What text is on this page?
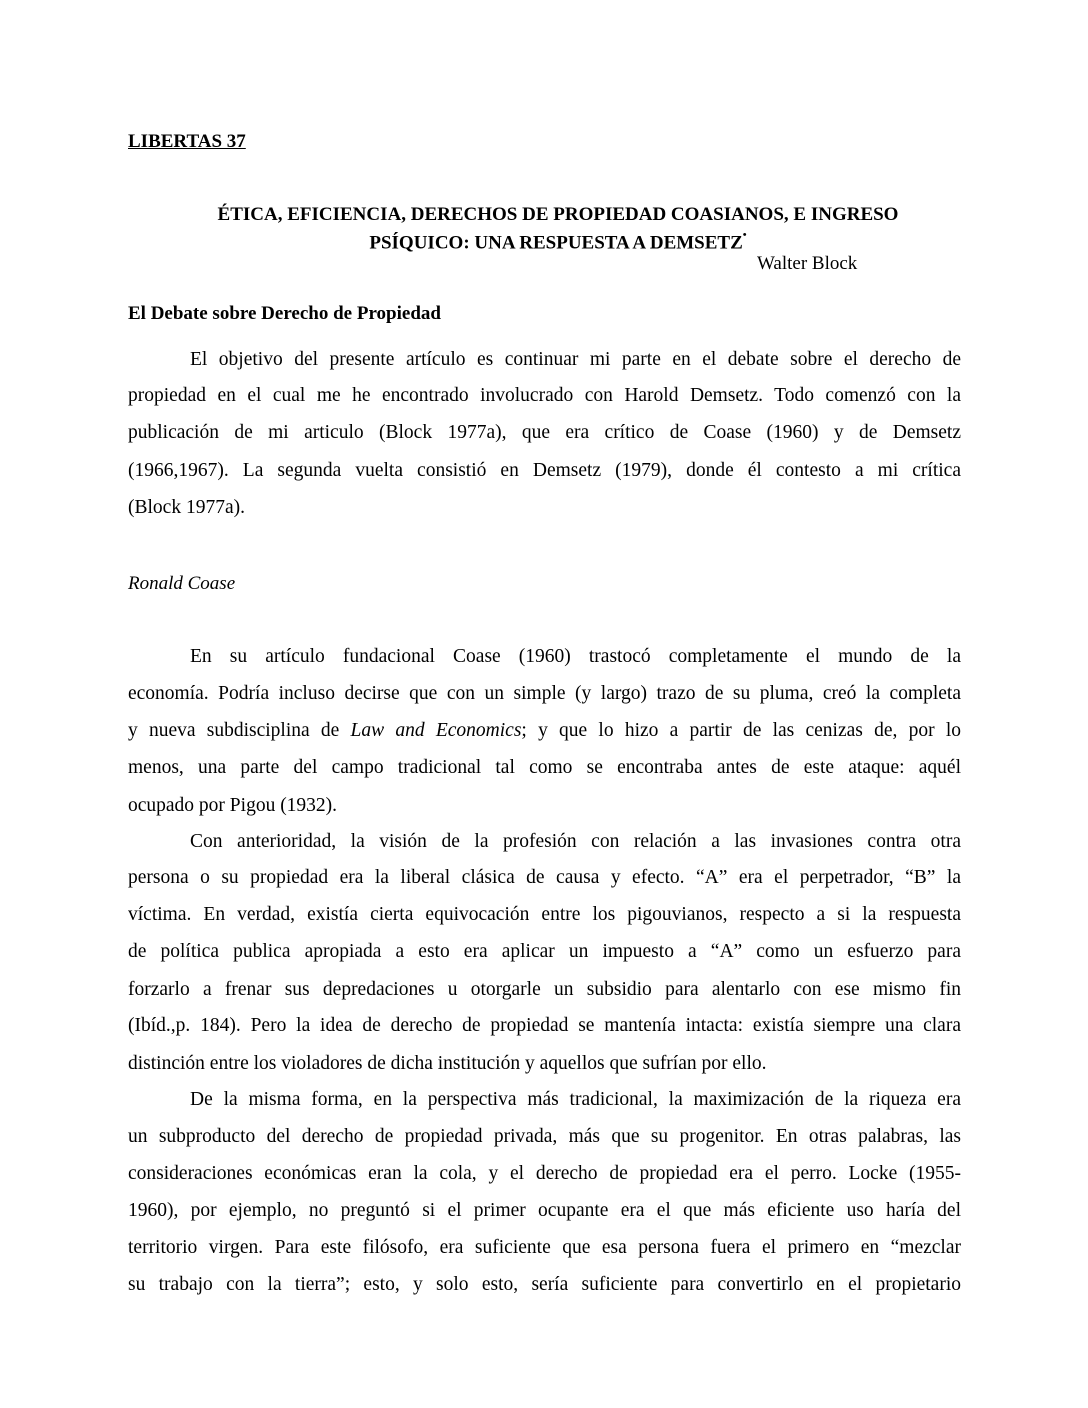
LIBERTAS 37
ÉTICA, EFICIENCIA, DERECHOS DE PROPIEDAD COASIANOS, E INGRESO
PSÍQUICO: UNA RESPUESTA A DEMSETZ•
Walter Block
El Debate sobre Derecho de Propiedad
El objetivo del presente artículo es continuar mi parte en el debate sobre el derecho de
propiedad en el cual me he encontrado involucrado con Harold Demsetz. Todo comenzó con la
publicación de mi articulo (Block 1977a), que era crítico de Coase (1960) y de Demsetz
(1966,1967). La segunda vuelta consistió en Demsetz (1979), donde él contesto a mi crítica
(Block 1977a).
Ronald Coase
En su artículo fundacional Coase (1960) trastocó completamente el mundo de la
economía. Podría incluso decirse que con un simple (y largo) trazo de su pluma, creó la completa
y nueva subdisciplina de Law and Economics; y que lo hizo a partir de las cenizas de, por lo
menos, una parte del campo tradicional tal como se encontraba antes de este ataque: aquél
ocupado por Pigou (1932).
Con anterioridad, la visión de la profesión con relación a las invasiones contra otra
persona o su propiedad era la liberal clásica de causa y efecto. “A” era el perpetrador, “B” la
víctima. En verdad, existía cierta equivocación entre los pigouvianos, respecto a si la respuesta
de política publica apropiada a esto era aplicar un impuesto a “A” como un esfuerzo para
forzarlo a frenar sus depredaciones u otorgarle un subsidio para alentarlo con ese mismo fin
(Ibíd.,p. 184). Pero la idea de derecho de propiedad se mantenía intacta: existía siempre una clara
distinción entre los violadores de dicha institución y aquellos que sufrían por ello.
De la misma forma, en la perspectiva más tradicional, la maximización de la riqueza era
un subproducto del derecho de propiedad privada, más que su progenitor. En otras palabras, las
consideraciones económicas eran la cola, y el derecho de propiedad era el perro. Locke (1955-
1960), por ejemplo, no preguntó si el primer ocupante era el que más eficiente uso haría del
territorio virgen. Para este filósofo, era suficiente que esa persona fuera el primero en “mezclar
su trabajo con la tierra”; esto, y solo esto, sería suficiente para convertirlo en el propietario
